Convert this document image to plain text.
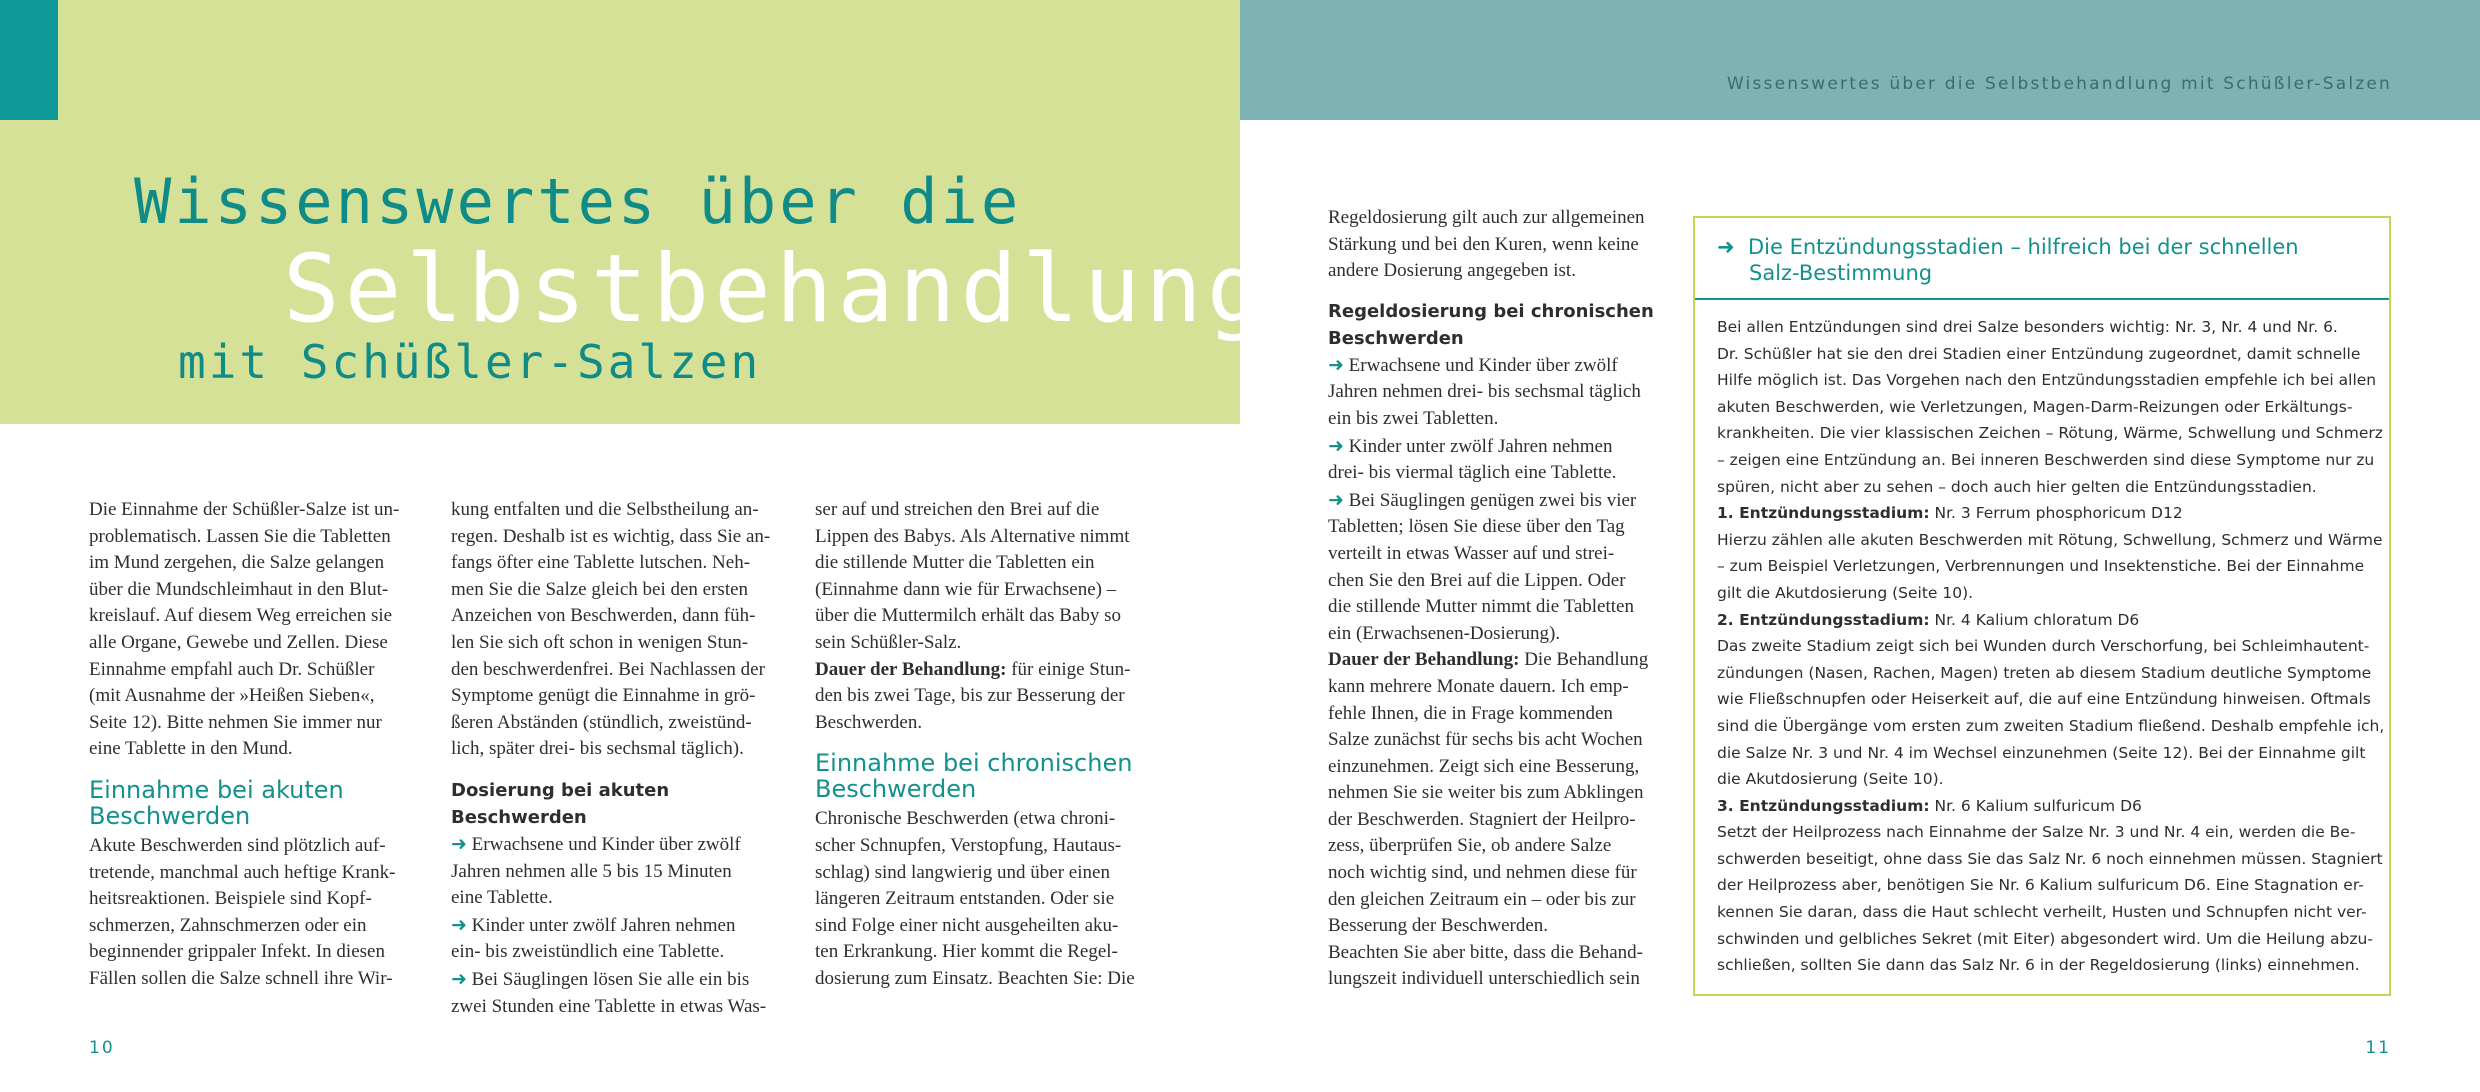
Wissenswertes über die Selbstbehandlung mit Schüßler-Salzen
Wissenswertes über die
Selbstbehandlung
mit Schüßler-Salzen

Die Einnahme der Schüßler-Salze ist un-
problematisch. Lassen Sie die Tabletten
im Mund zergehen, die Salze gelangen
über die Mundschleimhaut in den Blut-
kreislauf. Auf diesem Weg erreichen sie
alle Organe, Gewebe und Zellen. Diese
Einnahme empfahl auch Dr. Schüßler
(mit Ausnahme der »Heißen Sieben«,
Seite 12). Bitte nehmen Sie immer nur
eine Tablette in den Mund.

Einnahme bei akuten
Beschwerden

Akute Beschwerden sind plötzlich auf-
tretende, manchmal auch heftige Krank-
heitsreaktionen. Beispiele sind Kopf-
schmerzen, Zahnschmerzen oder ein
beginnender grippaler Infekt. In diesen
Fällen sollen die Salze schnell ihre Wir-

kung entfalten und die Selbstheilung an-
regen. Deshalb ist es wichtig, dass Sie an-
fangs öfter eine Tablette lutschen. Neh-
men Sie die Salze gleich bei den ersten
Anzeichen von Beschwerden, dann füh-
len Sie sich oft schon in wenigen Stun-
den beschwerdenfrei. Bei Nachlassen der
Symptome genügt die Einnahme in grö-
ßeren Abständen (stündlich, zweistünd-
lich, später drei- bis sechsmal täglich).

Dosierung bei akuten Beschwerden

➜ Erwachsene und Kinder über zwölf
Jahren nehmen alle 5 bis 15 Minuten
eine Tablette.
➜ Kinder unter zwölf Jahren nehmen
ein- bis zweistündlich eine Tablette.
➜ Bei Säuglingen lösen Sie alle ein bis
zwei Stunden eine Tablette in etwas Was-

ser auf und streichen den Brei auf die
Lippen des Babys. Als Alternative nimmt
die stillende Mutter die Tabletten ein
(Einnahme dann wie für Erwachsene) –
über die Muttermilch erhält das Baby so
sein Schüßler-Salz.
Dauer der Behandlung: für einige Stun-
den bis zwei Tage, bis zur Besserung der
Beschwerden.

Einnahme bei chronischen
Beschwerden

Chronische Beschwerden (etwa chroni-
scher Schnupfen, Verstopfung, Hautaus-
schlag) sind langwierig und über einen
längeren Zeitraum entstanden. Oder sie
sind Folge einer nicht ausgeheilten aku-
ten Erkrankung. Hier kommt die Regel-
dosierung zum Einsatz. Beachten Sie: Die

Regeldosierung gilt auch zur allgemeinen
Stärkung und bei den Kuren, wenn keine
andere Dosierung angegeben ist.

Regeldosierung bei chronischen
Beschwerden

➜ Erwachsene und Kinder über zwölf
Jahren nehmen drei- bis sechsmal täglich
ein bis zwei Tabletten.
➜ Kinder unter zwölf Jahren nehmen
drei- bis viermal täglich eine Tablette.
➜ Bei Säuglingen genügen zwei bis vier
Tabletten; lösen Sie diese über den Tag
verteilt in etwas Wasser auf und strei-
chen Sie den Brei auf die Lippen. Oder
die stillende Mutter nimmt die Tabletten
ein (Erwachsenen-Dosierung).
Dauer der Behandlung: Die Behandlung
kann mehrere Monate dauern. Ich emp-
fehle Ihnen, die in Frage kommenden
Salze zunächst für sechs bis acht Wochen
einzunehmen. Zeigt sich eine Besserung,
nehmen Sie sie weiter bis zum Abklingen
der Beschwerden. Stagniert der Heilpro-
zess, überprüfen Sie, ob andere Salze
noch wichtig sind, und nehmen diese für
den gleichen Zeitraum ein – oder bis zur
Besserung der Beschwerden.
Beachten Sie aber bitte, dass die Behand-
lungszeit individuell unterschiedlich sein

➜ Die Entzündungsstadien – hilfreich bei der schnellen
Salz-Bestimmung
Bei allen Entzündungen sind drei Salze besonders wichtig: Nr. 3, Nr. 4 und Nr. 6.
Dr. Schüßler hat sie den drei Stadien einer Entzündung zugeordnet, damit schnelle
Hilfe möglich ist. Das Vorgehen nach den Entzündungsstadien empfehle ich bei allen
akuten Beschwerden, wie Verletzungen, Magen-Darm-Reizungen oder Erkältungs-
krankheiten. Die vier klassischen Zeichen – Rötung, Wärme, Schwellung und Schmerz
– zeigen eine Entzündung an. Bei inneren Beschwerden sind diese Symptome nur zu
spüren, nicht aber zu sehen – doch auch hier gelten die Entzündungsstadien.
1. Entzündungsstadium: Nr. 3 Ferrum phosphoricum D12
Hierzu zählen alle akuten Beschwerden mit Rötung, Schwellung, Schmerz und Wärme
– zum Beispiel Verletzungen, Verbrennungen und Insektenstiche. Bei der Einnahme
gilt die Akutdosierung (Seite 10).
2. Entzündungsstadium: Nr. 4 Kalium chloratum D6
Das zweite Stadium zeigt sich bei Wunden durch Verschorfung, bei Schleimhautent-
zündungen (Nasen, Rachen, Magen) treten ab diesem Stadium deutliche Symptome
wie Fließschnupfen oder Heiserkeit auf, die auf eine Entzündung hinweisen. Oftmals
sind die Übergänge vom ersten zum zweiten Stadium fließend. Deshalb empfehle ich,
die Salze Nr. 3 und Nr. 4 im Wechsel einzunehmen (Seite 12). Bei der Einnahme gilt
die Akutdosierung (Seite 10).
3. Entzündungsstadium: Nr. 6 Kalium sulfuricum D6
Setzt der Heilprozess nach Einnahme der Salze Nr. 3 und Nr. 4 ein, werden die Be-
schwerden beseitigt, ohne dass Sie das Salz Nr. 6 noch einnehmen müssen. Stagniert
der Heilprozess aber, benötigen Sie Nr. 6 Kalium sulfuricum D6. Eine Stagnation er-
kennen Sie daran, dass die Haut schlecht verheilt, Husten und Schnupfen nicht ver-
schwinden und gelbliches Sekret (mit Eiter) abgesondert wird. Um die Heilung abzu-
schließen, sollten Sie dann das Salz Nr. 6 in der Regeldosierung (links) einnehmen.
10	11
